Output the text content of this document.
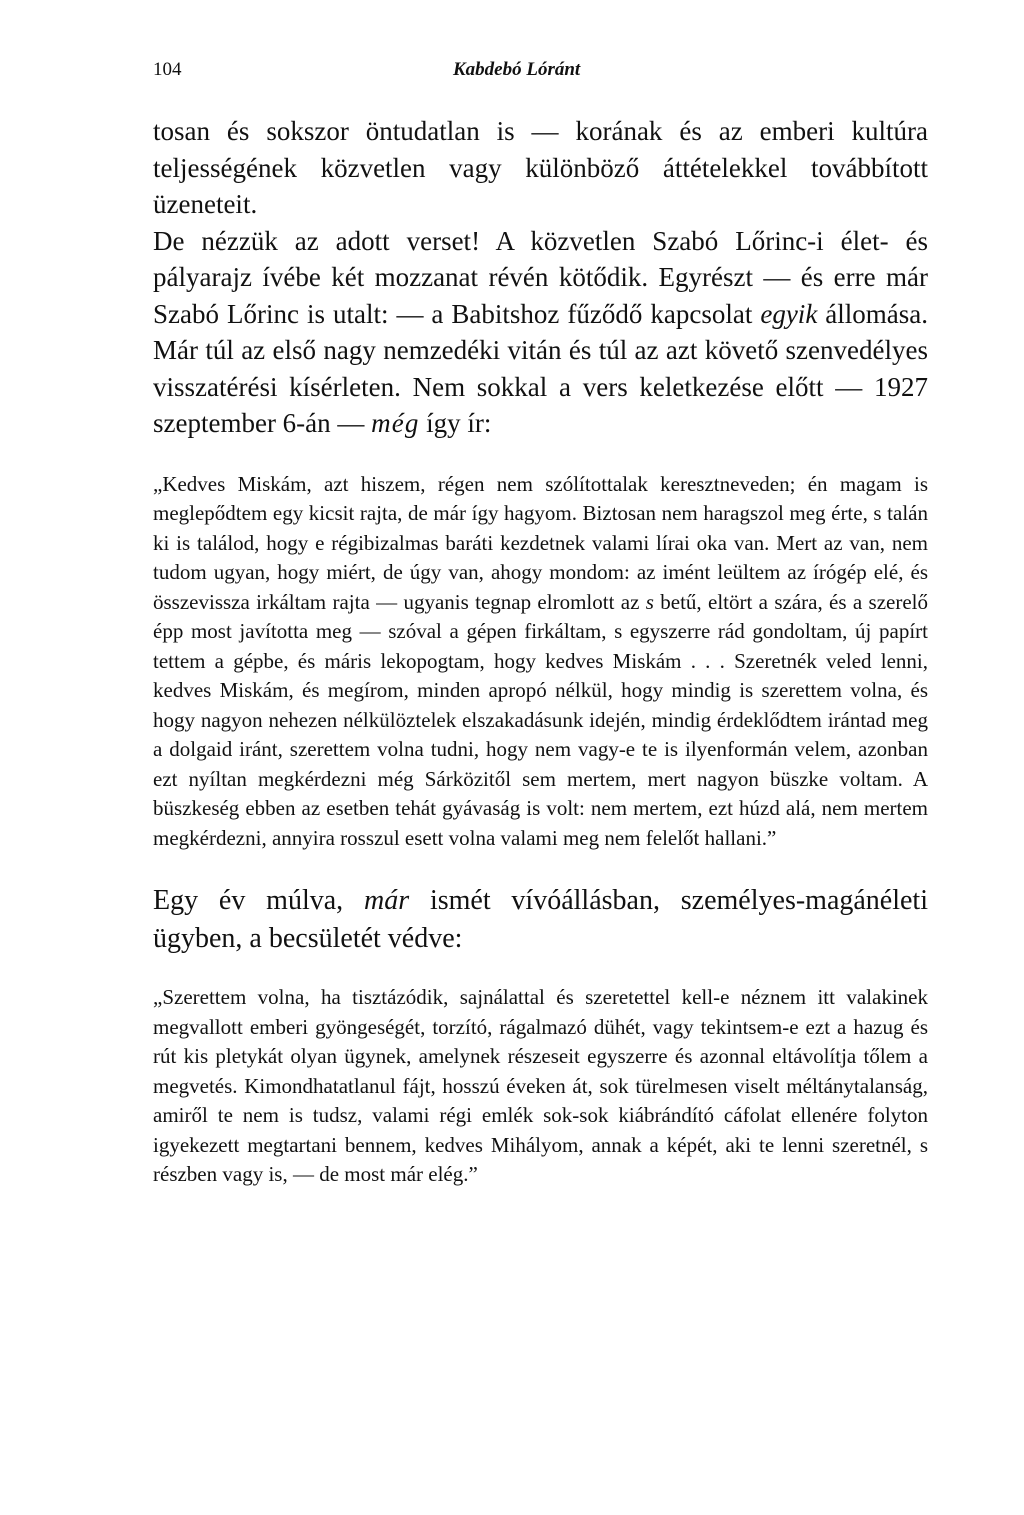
104	Kabdebó Lóránt

tosan és sokszor öntudatlan is — korának és az emberi kultúra teljességének közvetlen vagy különböző áttételekkel továbbított üzeneteit.

De nézzük az adott verset! A közvetlen Szabó Lőrinc-i élet- és pályarajz ívébe két mozzanat révén kötődik. Egyrészt — és erre már Szabó Lőrinc is utalt: — a Babitshoz fűződő kapcsolat egyik állomása. Már túl az első nagy nemzedéki vitán és túl az azt követő szenvedélyes visszatérési kísérleten. Nem sokkal a vers keletkezése előtt — 1927 szeptember 6-án — még így ír:

„Kedves Miskám, azt hiszem, régen nem szólítottalak keresztneveden; én magam is meglepődtem egy kicsit rajta, de már így hagyom. Biztosan nem haragszol meg érte, s talán ki is találod, hogy e régibizalmas baráti kezdetnek valami lírai oka van. Mert az van, nem tudom ugyan, hogy miért, de úgy van, ahogy mondom: az imént leültem az írógép elé, és összevissza irkáltam rajta — ugyanis tegnap elromlott az s betű, eltört a szára, és a szerelő épp most javította meg — szóval a gépen firkáltam, s egyszerre rád gondoltam, új papírt tettem a gépbe, és máris lekopogtam, hogy kedves Miskám . . . Szeretnék veled lenni, kedves Miskám, és megírom, minden apropó nélkül, hogy mindig is szerettem volna, és hogy nagyon nehezen nélkülöztelek elszakadásunk idején, mindig érdeklődtem irántad meg a dolgaid iránt, szerettem volna tudni, hogy nem vagy-e te is ilyenformán velem, azonban ezt nyíltan megkérdezni még Sárközitől sem mertem, mert nagyon büszke voltam. A büszkeség ebben az esetben tehát gyávaság is volt: nem mertem, ezt húzd alá, nem mertem megkérdezni, annyira rosszul esett volna valami meg nem felelőt hallani.”

Egy év múlva, már ismét vívóállásban, személyes-magánéleti ügyben, a becsületét védve:

„Szerettem volna, ha tisztázódik, sajnálattal és szeretettel kell-e néznem itt valakinek megvallott emberi gyöngeségét, torzító, rágalmazó dühét, vagy tekintsem-e ezt a hazug és rút kis pletykát olyan ügynek, amelynek részeseit egyszerre és azonnal eltávolítja tőlem a megvetés. Kimondhatatlanul fájt, hosszú éveken át, sok türelmesen viselt méltánytalanság, amiről te nem is tudsz, valami régi emlék sok-sok kiábrándító cáfolat ellenére folyton igyekezett megtartani bennem, kedves Mihályom, annak a képét, aki te lenni szeretnél, s részben vagy is, — de most már elég.”
